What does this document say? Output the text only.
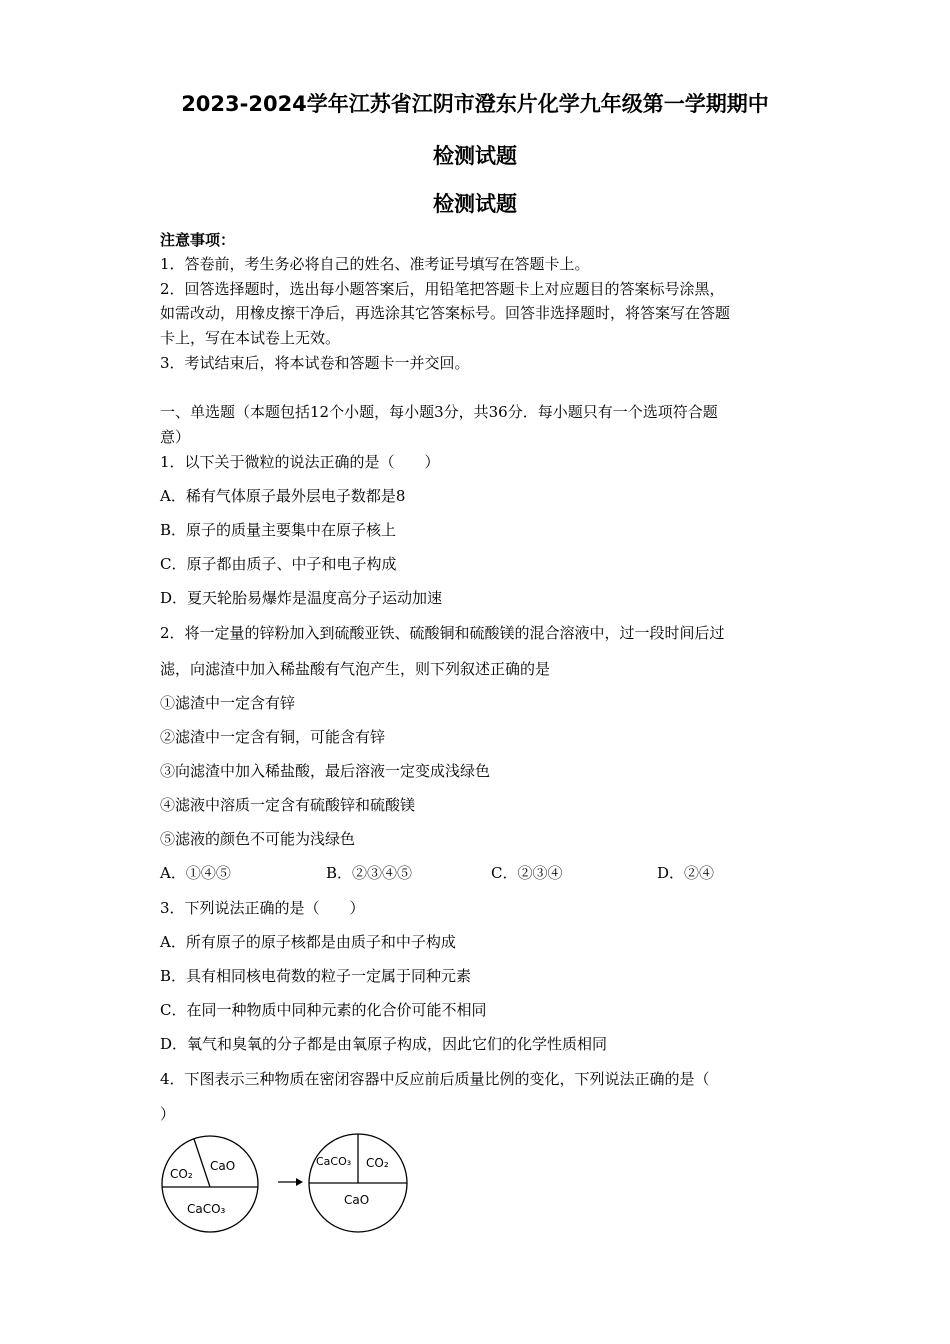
2023-2024学年江苏省江阴市澄东片化学九年级第一学期期中
检测试题
检测试题
注意事项：
1．答卷前，考生务必将自己的姓名、准考证号填写在答题卡上。
2．回答选择题时，选出每小题答案后，用铅笔把答题卡上对应题目的答案标号涂黑，
如需改动，用橡皮擦干净后，再选涂其它答案标号。回答非选择题时，将答案写在答题
卡上，写在本试卷上无效。
3．考试结束后，将本试卷和答题卡一并交回。
一、单选题（本题包括12个小题，每小题3分，共36分．每小题只有一个选项符合题
意）
1．以下关于微粒的说法正确的是（　　）
A．稀有气体原子最外层电子数都是8
B．原子的质量主要集中在原子核上
C．原子都由质子、中子和电子构成
D．夏天轮胎易爆炸是温度高分子运动加速
2．将一定量的锌粉加入到硫酸亚铁、硫酸铜和硫酸镁的混合溶液中，过一段时间后过
滤，向滤渣中加入稀盐酸有气泡产生，则下列叙述正确的是
①滤渣中一定含有锌
②滤渣中一定含有铜，可能含有锌
③向滤渣中加入稀盐酸，最后溶液一定变成浅绿色
④滤液中溶质一定含有硫酸锌和硫酸镁
⑤滤液的颜色不可能为浅绿色
A．①④⑤	B．②③④⑤	C．②③④	D．②④
3．下列说法正确的是（　　）
A．所有原子的原子核都是由质子和中子构成
B．具有相同核电荷数的粒子一定属于同种元素
C．在同一种物质中同种元素的化合价可能不相同
D．氧气和臭氧的分子都是由氧原子构成，因此它们的化学性质相同
4．下图表示三种物质在密闭容器中反应前后质量比例的变化，下列说法正确的是（
）
CO₂
CaO
CaCO₃
CaCO₃ CO₂
CaO
